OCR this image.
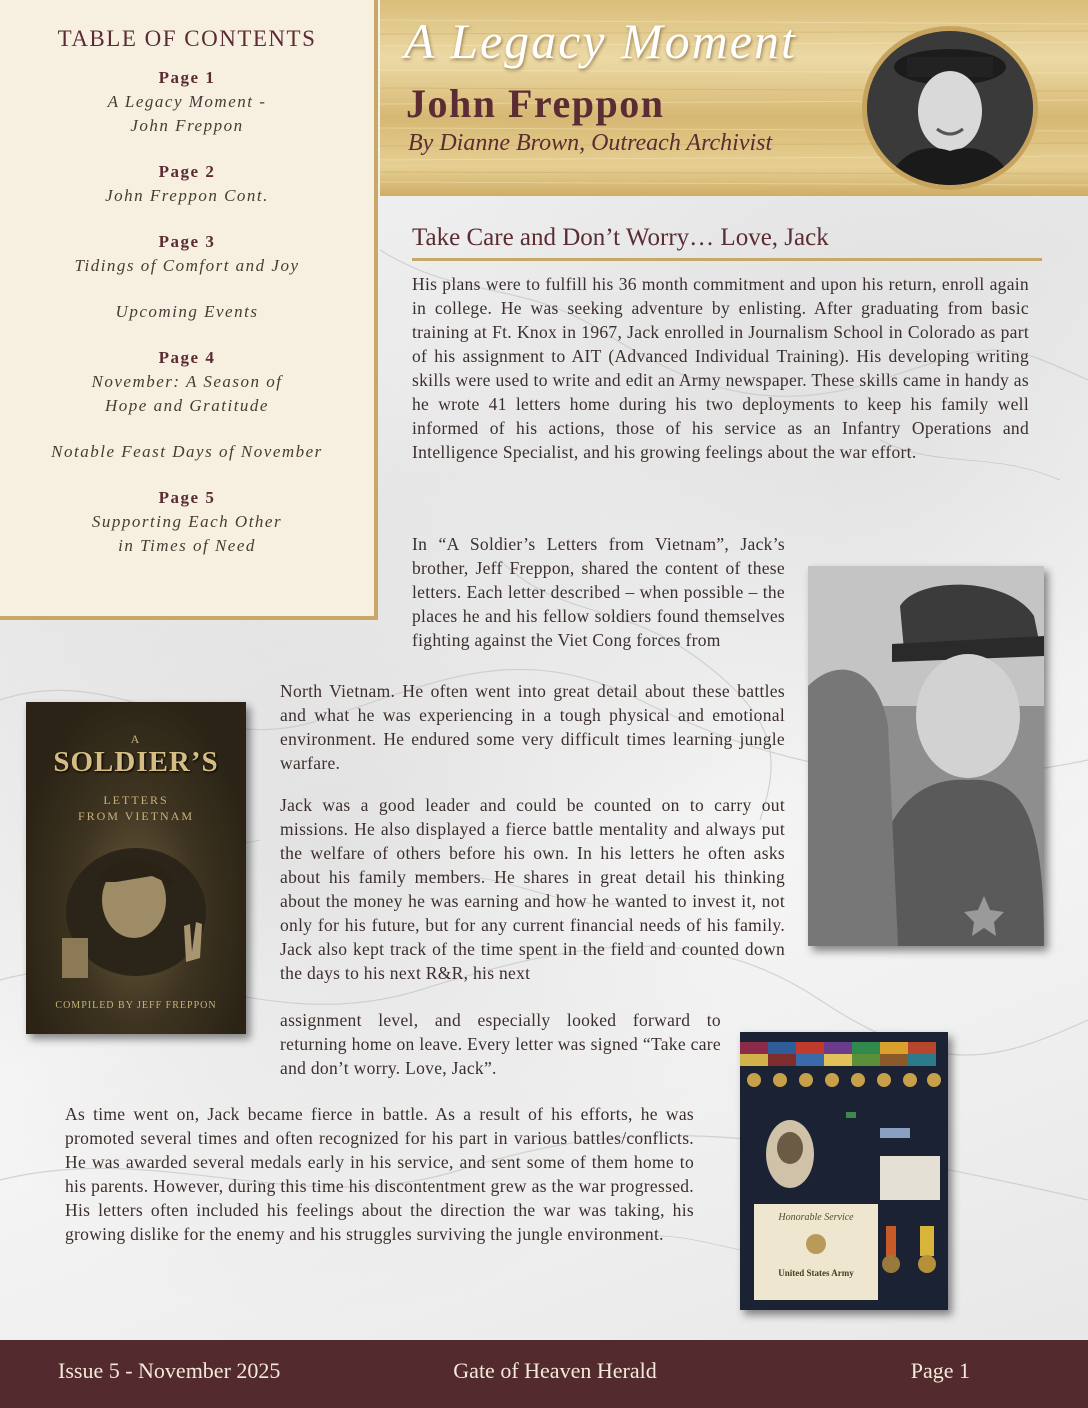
TABLE OF CONTENTS
Page 1
A Legacy Moment -
John Freppon
Page 2
John Freppon Cont.
Page 3
Tidings of Comfort and Joy
Upcoming Events
Page 4
November: A Season of
Hope and Gratitude
Notable Feast Days of November
Page 5
Supporting Each Other
in Times of Need
A Legacy Moment
John Freppon
By Dianne Brown, Outreach Archivist
Take Care and Don’t Worry… Love, Jack
His plans were to fulfill his 36 month commitment and upon his return, enroll again in college. He was seeking adventure by enlisting. After graduating from basic training at Ft. Knox in 1967, Jack enrolled in Journalism School in Colorado as part of his assignment to AIT (Advanced Individual Training). His developing writing skills were used to write and edit an Army newspaper. These skills came in handy as he wrote 41 letters home during his two deployments to keep his family well informed of his actions, those of his service as an Infantry Operations and Intelligence Specialist, and his growing feelings about the war effort.
In “A Soldier’s Letters from Vietnam”, Jack’s brother, Jeff Freppon, shared the content of these letters. Each letter described – when possible – the places he and his fellow soldiers found themselves fighting against the Viet Cong forces from
North Vietnam. He often went into great detail about these battles and what he was experiencing in a tough physical and emotional environment. He endured some very difficult times learning jungle warfare.
Jack was a good leader and could be counted on to carry out missions. He also displayed a fierce battle mentality and always put the welfare of others before his own. In his letters he often asks about his family members. He shares in great detail his thinking about the money he was earning and how he wanted to invest it, not only for his future, but for any current financial needs of his family. Jack also kept track of the time spent in the field and counted down the days to his next R&R, his next
assignment level, and especially looked forward to returning home on leave. Every letter was signed “Take care and don’t worry. Love, Jack”.
As time went on, Jack became fierce in battle. As a result of his efforts, he was promoted several times and often recognized for his part in various battles/conflicts. He was awarded several medals early in his service, and sent some of them home to his parents. However, during this time his discontentment grew as the war progressed. His letters often included his feelings about the direction the war was taking, his growing dislike for the enemy and his struggles surviving the jungle environment.
A
SOLDIER’S
LETTERS
FROM VIETNAM
COMPILED BY JEFF FREPPON
Honorable Service
United States Army
Issue 5 - November 2025	Gate of Heaven Herald	Page 1
